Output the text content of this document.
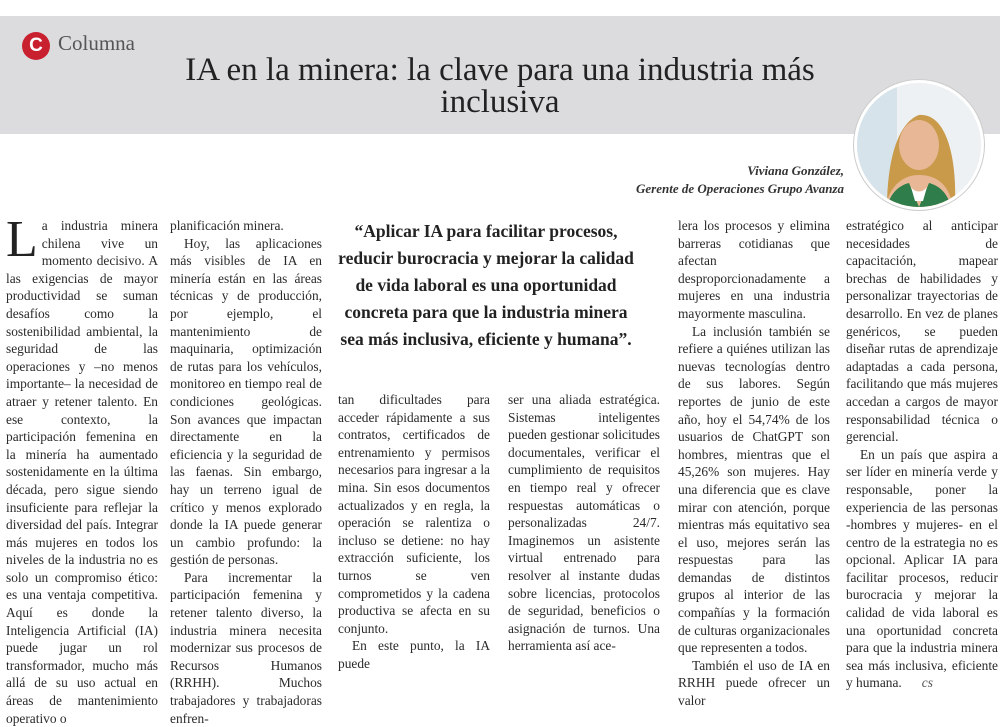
C Columna
IA en la minera: la clave para una industria más inclusiva
Viviana González,
Gerente de Operaciones Grupo Avanza

La industria minera chilena vive un momento decisivo. A las exigencias de mayor productividad se suman desafíos como la sostenibilidad ambiental, la seguridad de las operaciones y –no menos importante– la necesidad de atraer y retener talento. En ese contexto, la participación femenina en la minería ha aumentado sostenidamente en la última década, pero sigue siendo insuficiente para reflejar la diversidad del país. Integrar más mujeres en todos los niveles de la industria no es solo un compromiso ético: es una ventaja competitiva. Aquí es donde la Inteligencia Artificial (IA) puede jugar un rol transformador, mucho más allá de su uso actual en áreas de mantenimiento operativo o

planificación minera.

Hoy, las aplicaciones más visibles de IA en minería están en las áreas técnicas y de producción, por ejemplo, el mantenimiento de maquinaria, optimización de rutas para los vehículos, monitoreo en tiempo real de condiciones geológicas. Son avances que impactan directamente en la eficiencia y la seguridad de las faenas. Sin embargo, hay un terreno igual de crítico y menos explorado donde la IA puede generar un cambio profundo: la gestión de personas.

Para incrementar la participación femenina y retener talento diverso, la industria minera necesita modernizar sus procesos de Recursos Humanos (RRHH). Muchos trabajadores y trabajadoras enfren-

“Aplicar IA para facilitar procesos, reducir burocracia y mejorar la calidad de vida laboral es una oportunidad concreta para que la industria minera sea más inclusiva, eficiente y humana”.

tan dificultades para acceder rápidamente a sus contratos, certificados de entrenamiento y permisos necesarios para ingresar a la mina. Sin esos documentos actualizados y en regla, la operación se ralentiza o incluso se detiene: no hay extracción suficiente, los turnos se ven comprometidos y la cadena productiva se afecta en su conjunto.

En este punto, la IA puede

ser una aliada estratégica. Sistemas inteligentes pueden gestionar solicitudes documentales, verificar el cumplimiento de requisitos en tiempo real y ofrecer respuestas automáticas o personalizadas 24/7. Imaginemos un asistente virtual entrenado para resolver al instante dudas sobre licencias, protocolos de seguridad, beneficios o asignación de turnos. Una herramienta así ace-

lera los procesos y elimina barreras cotidianas que afectan desproporcionadamente a mujeres en una industria mayormente masculina.

La inclusión también se refiere a quiénes utilizan las nuevas tecnologías dentro de sus labores. Según reportes de junio de este año, hoy el 54,74% de los usuarios de ChatGPT son hombres, mientras que el 45,26% son mujeres. Hay una diferencia que es clave mirar con atención, porque mientras más equitativo sea el uso, mejores serán las respuestas para las demandas de distintos grupos al interior de las compañías y la formación de culturas organizacionales que representen a todos.

También el uso de IA en RRHH puede ofrecer un valor

estratégico al anticipar necesidades de capacitación, mapear brechas de habilidades y personalizar trayectorias de desarrollo. En vez de planes genéricos, se pueden diseñar rutas de aprendizaje adaptadas a cada persona, facilitando que más mujeres accedan a cargos de mayor responsabilidad técnica o gerencial.

En un país que aspira a ser líder en minería verde y responsable, poner la experiencia de las personas -hombres y mujeres- en el centro de la estrategia no es opcional. Aplicar IA para facilitar procesos, reducir burocracia y mejorar la calidad de vida laboral es una oportunidad concreta para que la industria minera sea más inclusiva, eficiente y humana. cs
